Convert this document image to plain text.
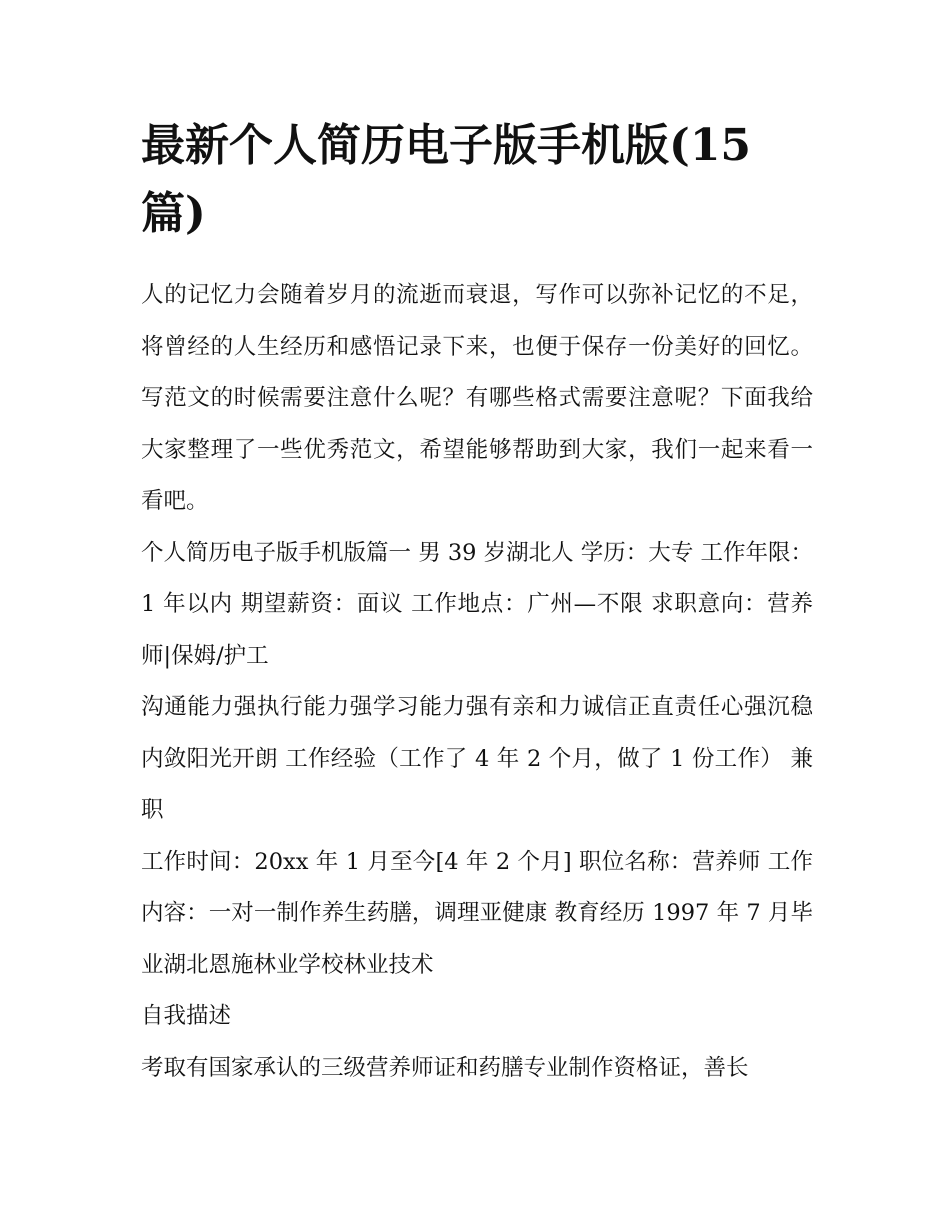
最新个人简历电子版手机版(15篇)

人的记忆力会随着岁月的流逝而衰退，写作可以弥补记忆的不足，将曾经的人生经历和感悟记录下来，也便于保存一份美好的回忆。写范文的时候需要注意什么呢？有哪些格式需要注意呢？下面我给大家整理了一些优秀范文，希望能够帮助到大家，我们一起来看一看吧。

个人简历电子版手机版篇一 男 39 岁湖北人 学历：大专 工作年限：1 年以内 期望薪资：面议 工作地点：广州—不限 求职意向：营养师|保姆/护工

沟通能力强执行能力强学习能力强有亲和力诚信正直责任心强沉稳内敛阳光开朗 工作经验（工作了 4 年 2 个月，做了 1 份工作） 兼职

工作时间：20xx 年 1 月至今[4 年 2 个月] 职位名称：营养师 工作内容：一对一制作养生药膳，调理亚健康 教育经历 1997 年 7 月毕业湖北恩施林业学校林业技术

自我描述

考取有国家承认的三级营养师证和药膳专业制作资格证，善长
